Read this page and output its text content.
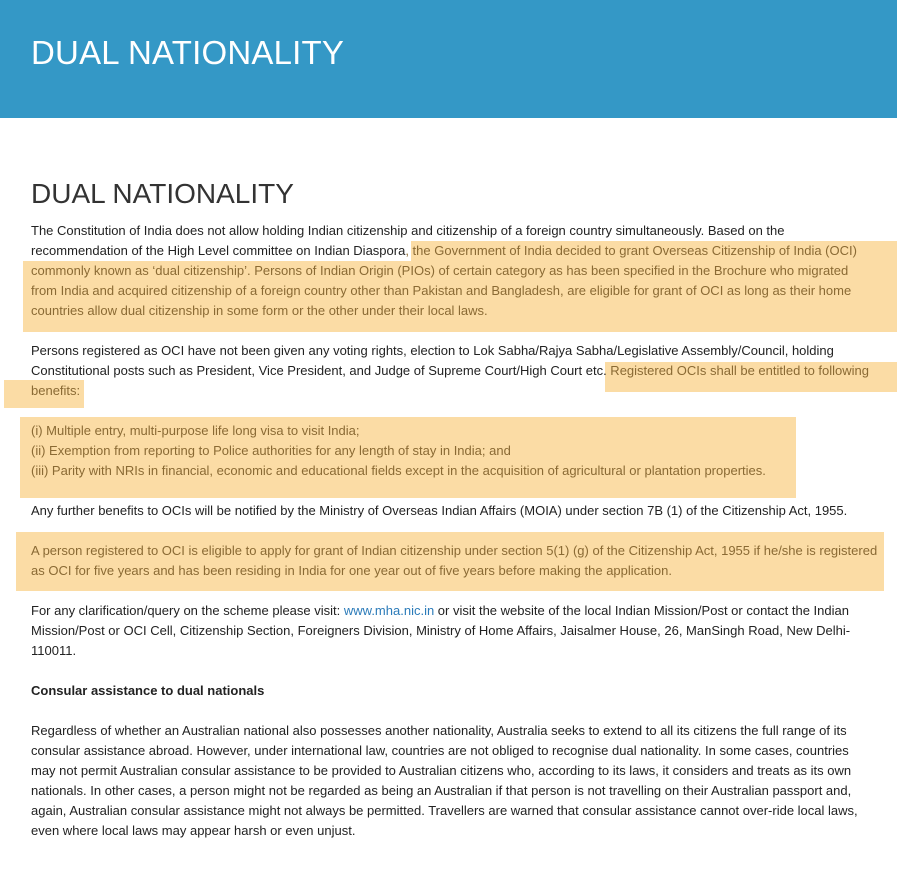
DUAL NATIONALITY
DUAL NATIONALITY

The Constitution of India does not allow holding Indian citizenship and citizenship of a foreign country simultaneously. Based on the

recommendation of the High Level committee on Indian Diaspora, the Government of India decided to grant Overseas Citizenship of India (OCI)

commonly known as ‘dual citizenship’. Persons of Indian Origin (PIOs) of certain category as has been specified in the Brochure who migrated

from India and acquired citizenship of a foreign country other than Pakistan and Bangladesh, are eligible for grant of OCI as long as their home

countries allow dual citizenship in some form or the other under their local laws.

Persons registered as OCI have not been given any voting rights, election to Lok Sabha/Rajya Sabha/Legislative Assembly/Council, holding

Constitutional posts such as President, Vice President, and Judge of Supreme Court/High Court etc. Registered OCIs shall be entitled to following

benefits:

(i) Multiple entry, multi-purpose life long visa to visit India;

(ii) Exemption from reporting to Police authorities for any length of stay in India; and

(iii) Parity with NRIs in financial, economic and educational fields except in the acquisition of agricultural or plantation properties.

Any further benefits to OCIs will be notified by the Ministry of Overseas Indian Affairs (MOIA) under section 7B (1) of the Citizenship Act, 1955.

A person registered to OCI is eligible to apply for grant of Indian citizenship under section 5(1) (g) of the Citizenship Act, 1955 if he/she is registered

as OCI for five years and has been residing in India for one year out of five years before making the application.

For any clarification/query on the scheme please visit: www.mha.nic.in or visit the website of the local Indian Mission/Post or contact the Indian

Mission/Post or OCI Cell, Citizenship Section, Foreigners Division, Ministry of Home Affairs, Jaisalmer House, 26, ManSingh Road, New Delhi-

110011.

Consular assistance to dual nationals

Regardless of whether an Australian national also possesses another nationality, Australia seeks to extend to all its citizens the full range of its

consular assistance abroad. However, under international law, countries are not obliged to recognise dual nationality. In some cases, countries

may not permit Australian consular assistance to be provided to Australian citizens who, according to its laws, it considers and treats as its own

nationals. In other cases, a person might not be regarded as being an Australian if that person is not travelling on their Australian passport and,

again, Australian consular assistance might not always be permitted. Travellers are warned that consular assistance cannot over-ride local laws,

even where local laws may appear harsh or even unjust.
